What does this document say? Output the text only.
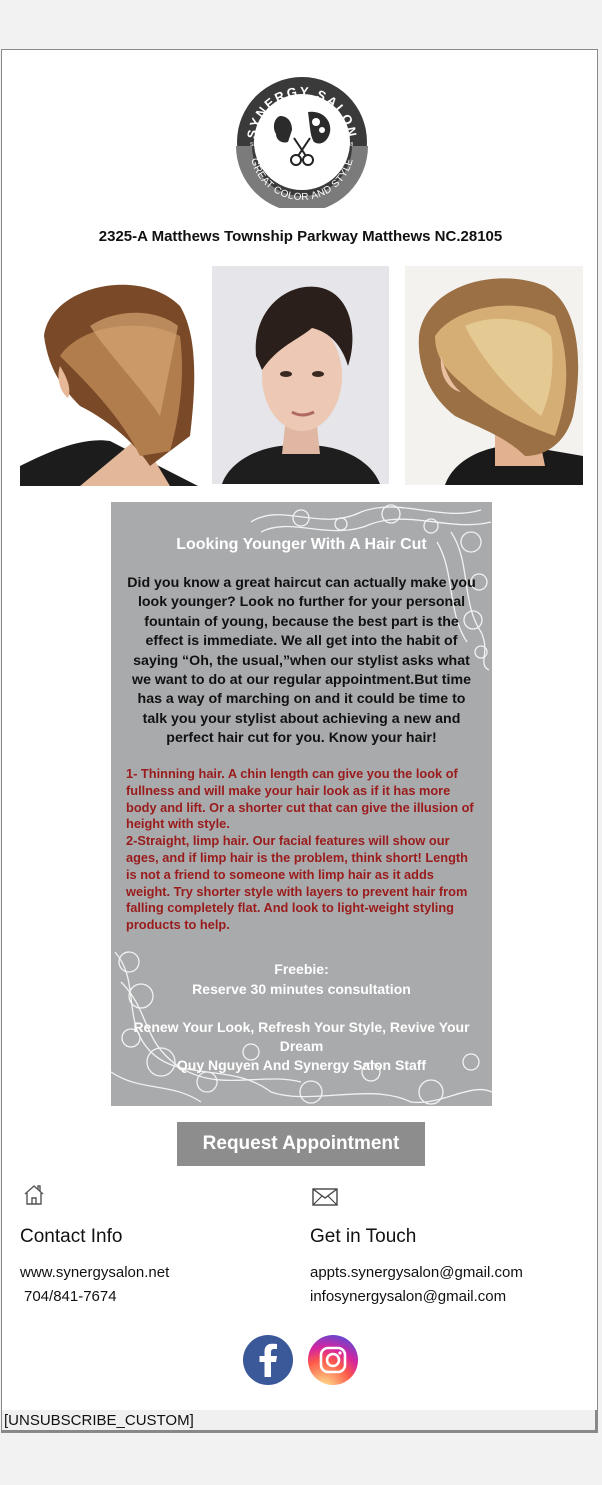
SYNERGY SALON
GREAT COLOR AND STYLE
SINCE	2008
2325-A Matthews Township Parkway Matthews NC.28105
Looking Younger With A Hair Cut
Did you know a great haircut can actually make you look younger? Look no further for your personal fountain of young, because the best part is the effect is immediate. We all get into the habit of saying “Oh, the usual,”when our stylist asks what we want to do at our regular appointment.But time has a way of marching on and it could be time to talk you your stylist about achieving a new and perfect hair cut for you. Know your hair!
1- Thinning hair. A chin length can give you the look of fullness and will make your hair look as if it has more body and lift. Or a shorter cut that can give the illusion of height with style.
2-Straight, limp hair. Our facial features will show our ages, and if limp hair is the problem, think short! Length is not a friend to someone with limp hair as it adds weight. Try shorter style with layers to prevent hair from falling completely flat. And look to light-weight styling products to help.
Freebie:
Reserve 30 minutes consultation
Renew Your Look, Refresh Your Style, Revive Your Dream
Quy Nguyen And Synergy Salon Staff
Request Appointment
Contact Info
www.synergysalon.net
704/841-7674
Get in Touch
appts.synergysalon@gmail.com
infosynergysalon@gmail.com
[UNSUBSCRIBE_CUSTOM]
